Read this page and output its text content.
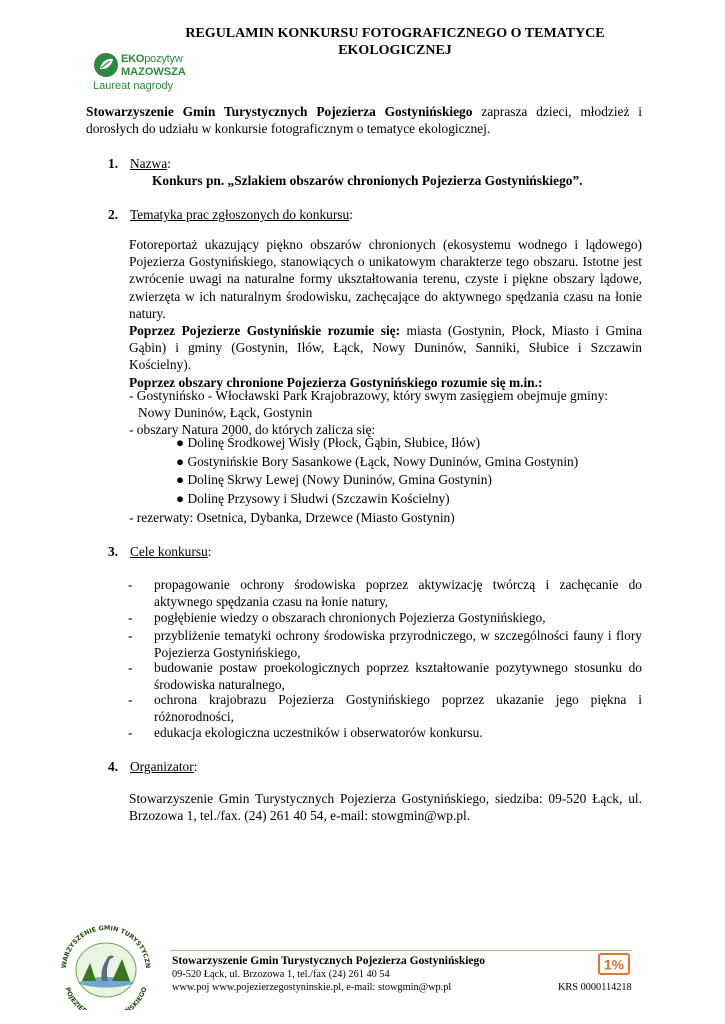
REGULAMIN KONKURSU FOTOGRAFICZNEGO O TEMATYCE
EKOLOGICZNEJ
EKOpozytyw
MAZOWSZA
Laureat nagrody

Stowarzyszenie Gmin Turystycznych Pojezierza Gostynińskiego zaprasza dzieci, młodzież i dorosłych do udziału w konkursie fotograficznym o tematyce ekologicznej.

1. Nazwa:
Konkurs pn. „Szlakiem obszarów chronionych Pojezierza Gostynińskiego”.
2. Tematyka prac zgłoszonych do konkursu:

Fotoreportaż ukazujący piękno obszarów chronionych (ekosystemu wodnego i lądowego) Pojezierza Gostynińskiego, stanowiących o unikatowym charakterze tego obszaru. Istotne jest zwrócenie uwagi na naturalne formy ukształtowania terenu, czyste i piękne obszary lądowe, zwierzęta w ich naturalnym środowisku, zachęcające do aktywnego spędzania czasu na łonie natury.

Poprzez Pojezierze Gostynińskie rozumie się: miasta (Gostynin, Płock, Miasto i Gmina Gąbin) i gminy (Gostynin, Iłów, Łąck, Nowy Duninów, Sanniki, Słubice i Szczawin Kościelny).

Poprzez obszary chronione Pojezierza Gostynińskiego rozumie się m.in.:

- Gostynińsko - Włocławski Park Krajobrazowy, który swym zasięgiem obejmuje gminy:
Nowy Duninów, Łąck, Gostynin
- obszary Natura 2000, do których zalicza się:
● Dolinę Środkowej Wisły (Płock, Gąbin, Słubice, Iłów)
● Gostynińskie Bory Sasankowe (Łąck, Nowy Duninów, Gmina Gostynin)
● Dolinę Skrwy Lewej (Nowy Duninów, Gmina Gostynin)
● Dolinę Przysowy i Słudwi (Szczawin Kościelny)
- rezerwaty: Osetnica, Dybanka, Drzewce (Miasto Gostynin)
3. Cele konkursu:
- propagowanie ochrony środowiska poprzez aktywizację twórczą i zachęcanie do aktywnego spędzania czasu na łonie natury,
- pogłębienie wiedzy o obszarach chronionych Pojezierza Gostynińskiego,
- przybliżenie tematyki ochrony środowiska przyrodniczego, w szczególności fauny i flory Pojezierza Gostynińskiego,
- budowanie postaw proekologicznych poprzez kształtowanie pozytywnego stosunku do środowiska naturalnego,
- ochrona krajobrazu Pojezierza Gostynińskiego poprzez ukazanie jego piękna i różnorodności,
- edukacja ekologiczna uczestników i obserwatorów konkursu.
4. Organizator:
Stowarzyszenie Gmin Turystycznych Pojezierza Gostynińskiego, siedziba: 09-520 Łąck, ul. Brzozowa 1, tel./fax. (24) 261 40 54, e-mail: stowgmin@wp.pl.
WARZYSZENIE GMIN TURYSTYCZN
POJEZIE SKIEGO
Stowarzyszenie Gmin Turystycznych Pojezierza Gostynińskiego
09-520 Łąck, ul. Brzozowa 1, tel./fax (24) 261 40 54
www.poj www.pojezierzegostyninskie.pl, e-mail: stowgmin@wp.pl	KRS 0000114218
1%
